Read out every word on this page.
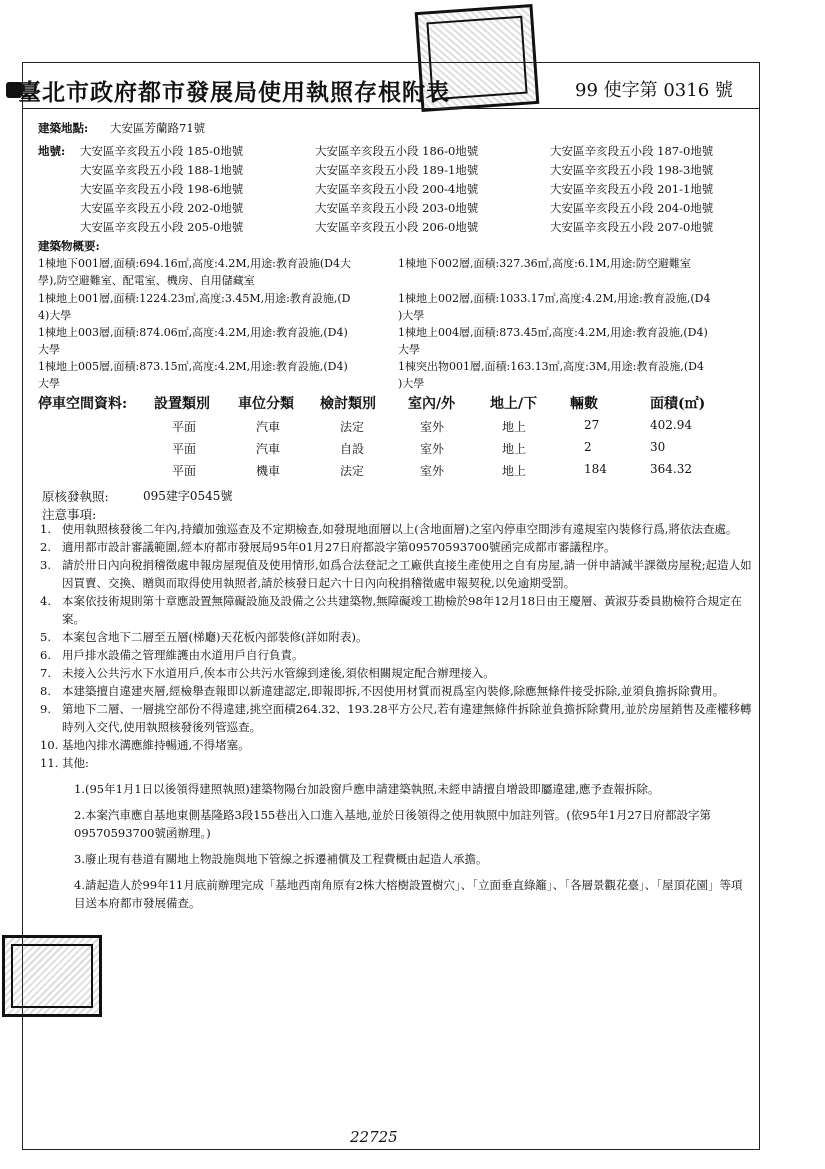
臺北市政府都市發展局使用執照存根附表	99 使字第 0316 號
建築地點: 大安區芳蘭路71號
地號: 大安區辛亥段五小段 185-0地號	大安區辛亥段五小段 186-0地號	大安區辛亥段五小段 187-0地號
大安區辛亥段五小段 188-1地號	大安區辛亥段五小段 189-1地號	大安區辛亥段五小段 198-3地號
大安區辛亥段五小段 198-6地號	大安區辛亥段五小段 200-4地號	大安區辛亥段五小段 201-1地號
大安區辛亥段五小段 202-0地號	大安區辛亥段五小段 203-0地號	大安區辛亥段五小段 204-0地號
大安區辛亥段五小段 205-0地號	大安區辛亥段五小段 206-0地號	大安區辛亥段五小段 207-0地號
建築物概要:
1棟地下001層,面積:694.16㎡,高度:4.2M,用途:教育設施(D4大	1棟地下002層,面積:327.36㎡,高度:6.1M,用途:防空避難室
學),防空避難室、配電室、機房、自用儲藏室
1棟地上001層,面積:1224.23㎡,高度:3.45M,用途:教育設施,(D	1棟地上002層,面積:1033.17㎡,高度:4.2M,用途:教育設施,(D4
4)大學	)大學
1棟地上003層,面積:874.06㎡,高度:4.2M,用途:教育設施,(D4)	1棟地上004層,面積:873.45㎡,高度:4.2M,用途:教育設施,(D4)
大學	大學
1棟地上005層,面積:873.15㎡,高度:4.2M,用途:教育設施,(D4)	1棟突出物001層,面積:163.13㎡,高度:3M,用途:教育設施,(D4
大學	)大學
停車空間資料: 設置類別 車位分類 檢討類別 室內/外 地上/下 輛數	面積(㎡)
平面	汽車	法定	室外	地上	27	402.94
平面	汽車	自設	室外	地上	2	30
平面	機車	法定	室外	地上	184	364.32
原核發執照:	095建字0545號
注意事項:
1. 使用執照核發後二年內,持續加強巡查及不定期檢查,如發現地面層以上(含地面層)之室內停車空間涉有違規室內裝修行爲,將依法查處。
2. 適用都市設計審議範圍,經本府都市發展局95年01月27日府都設字第09570593700號函完成都市審議程序。
3. 請於卅日內向稅捐稽徵處申報房屋現值及使用情形,如爲合法登記之工廠供直接生產使用之自有房屋,請一併申請減半課徵房屋稅;起造人如因買賣、交換、贈與而取得使用執照者,請於核發日起六十日內向稅捐稽徵處申報契稅,以免逾期受罰。
4. 本案依技術規則第十章應設置無障礙設施及設備之公共建築物,無障礙竣工勘檢於98年12月18日由王慶層、黃淑芬委員勘檢符合規定在案。
5. 本案包含地下二層至五層(梯廳)天花板內部裝修(詳如附表)。
6. 用戶排水設備之管理維護由水道用戶自行負責。
7. 未接入公共污水下水道用戶,俟本市公共污水管線到達後,須依相關規定配合辦理接入。
8. 本建築擅自違建夾層,經檢舉查報即以新違建認定,即報即拆,不因使用材質而視爲室內裝修,除應無條件接受拆除,並須負擔拆除費用。
9. 第地下二層、一層挑空部份不得違建,挑空面積264.32、193.28平方公尺,若有違建無條件拆除並負擔拆除費用,並於房屋銷售及產權移轉時列入交代,使用執照核發後列管巡查。
10. 基地內排水溝應維持暢通,不得堵塞。
11. 其他:
1.(95年1月1日以後領得建照執照)建築物陽台加設窗戶應申請建築執照,未經申請擅自增設即屬違建,應予查報拆除。
2.本案汽車應自基地東側基隆路3段155巷出入口進入基地,並於日後領得之使用執照中加註列管。(依95年1月27日府都設字第09570593700號函辦理。)
3.廢止現有巷道有關地上物設施與地下管線之拆遷補償及工程費概由起造人承擔。
4.請起造人於99年11月底前辦理完成「基地西南角原有2株大榕樹設置樹穴」、「立面垂直綠籬」、「各層景觀花臺」、「屋頂花園」等項目送本府都市發展備查。
22725
